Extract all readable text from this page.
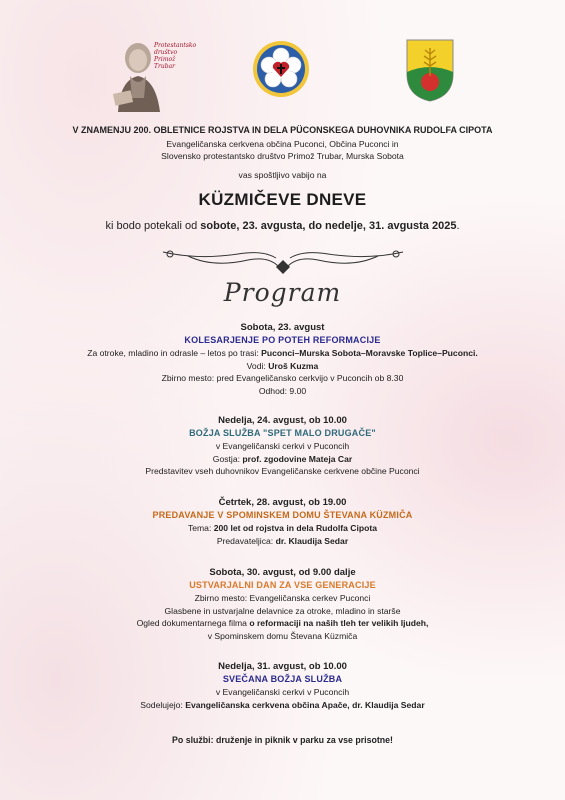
Protestantsko društvo Primož Trubar
V ZNAMENJU 200. OBLETNICE ROJSTVA IN DELA PÜCONSKEGA DUHOVNIKA RUDOLFA CIPOTA
Evangeličanska cerkvena občina Puconci, Občina Puconci in
Slovensko protestantsko društvo Primož Trubar, Murska Sobota
vas spoštljivo vabijo na
KÜZMIČEVE DNEVE
ki bodo potekali od sobote, 23. avgusta, do nedelje, 31. avgusta 2025.
Program
Sobota, 23. avgust
KOLESARJENJE PO POTEH REFORMACIJE
Za otroke, mladino in odrasle – letos po trasi: Puconci–Murska Sobota–Moravske Toplice–Puconci.
Vodi: Uroš Kuzma
Zbirno mesto: pred Evangeličansko cerkvijo v Puconcih ob 8.30
Odhod: 9.00
Nedelja, 24. avgust, ob 10.00
BOŽJA SLUŽBA "SPET MALO DRUGAČE"
v Evangeličanski cerkvi v Puconcih
Gostja: prof. zgodovine Mateja Car
Predstavitev vseh duhovnikov Evangeličanske cerkvene občine Puconci
Četrtek, 28. avgust, ob 19.00
PREDAVANJE V SPOMINSKEM DOMU ŠTEVANA KÜZMIČA
Tema: 200 let od rojstva in dela Rudolfa Cipota
Predavateljica: dr. Klaudija Sedar
Sobota, 30. avgust, od 9.00 dalje
USTVARJALNI DAN ZA VSE GENERACIJE
Zbirno mesto: Evangeličanska cerkev Puconci
Glasbene in ustvarjalne delavnice za otroke, mladino in starše
Ogled dokumentarnega filma o reformaciji na naših tleh ter velikih ljudeh,
v Spominskem domu Števana Küzmiča
Nedelja, 31. avgust, ob 10.00
SVEČANA BOŽJA SLUŽBA
v Evangeličanski cerkvi v Puconcih
Sodelujejo: Evangeličanska cerkvena občina Apače, dr. Klaudija Sedar
Po službi: druženje in piknik v parku za vse prisotne!
